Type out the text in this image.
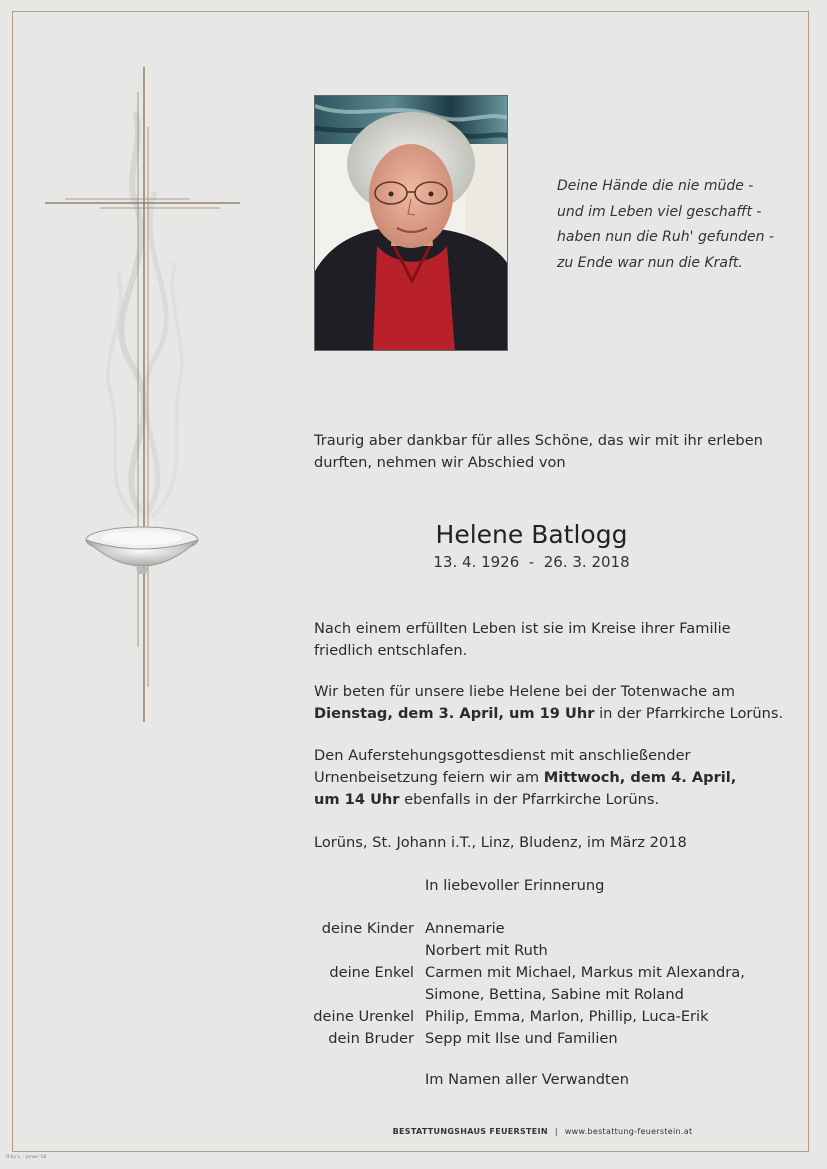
Deine Hände die nie müde -
und im Leben viel geschafft -
haben nun die Ruh' gefunden -
zu Ende war nun die Kraft.
Traurig aber dankbar für alles Schöne, das wir mit ihr erleben
durften, nehmen wir Abschied von
Helene Batlogg
13. 4. 1926  -  26. 3. 2018
Nach einem erfüllten Leben ist sie im Kreise ihrer Familie
friedlich entschlafen.
Wir beten für unsere liebe Helene bei der Totenwache am
Dienstag, dem 3. April, um 19 Uhr in der Pfarrkirche Lorüns.
Den Auferstehungsgottesdienst mit anschließender
Urnenbeisetzung feiern wir am Mittwoch, dem 4. April,
um 14 Uhr ebenfalls in der Pfarrkirche Lorüns.
Lorüns, St. Johann i.T., Linz, Bludenz, im März 2018
In liebevoller Erinnerung
deine Kinder Annemarie
Norbert mit Ruth
deine Enkel Carmen mit Michael, Markus mit Alexandra,
Simone, Bettina, Sabine mit Roland
deine Urenkel Philip, Emma, Marlon, Phillip, Luca-Erik
dein Bruder Sepp mit Ilse und Familien
Im Namen aller Verwandten
BESTATTUNGSHAUS FEUERSTEIN | www.bestattung-feuerstein.at
ff by L. - Jonas '10
